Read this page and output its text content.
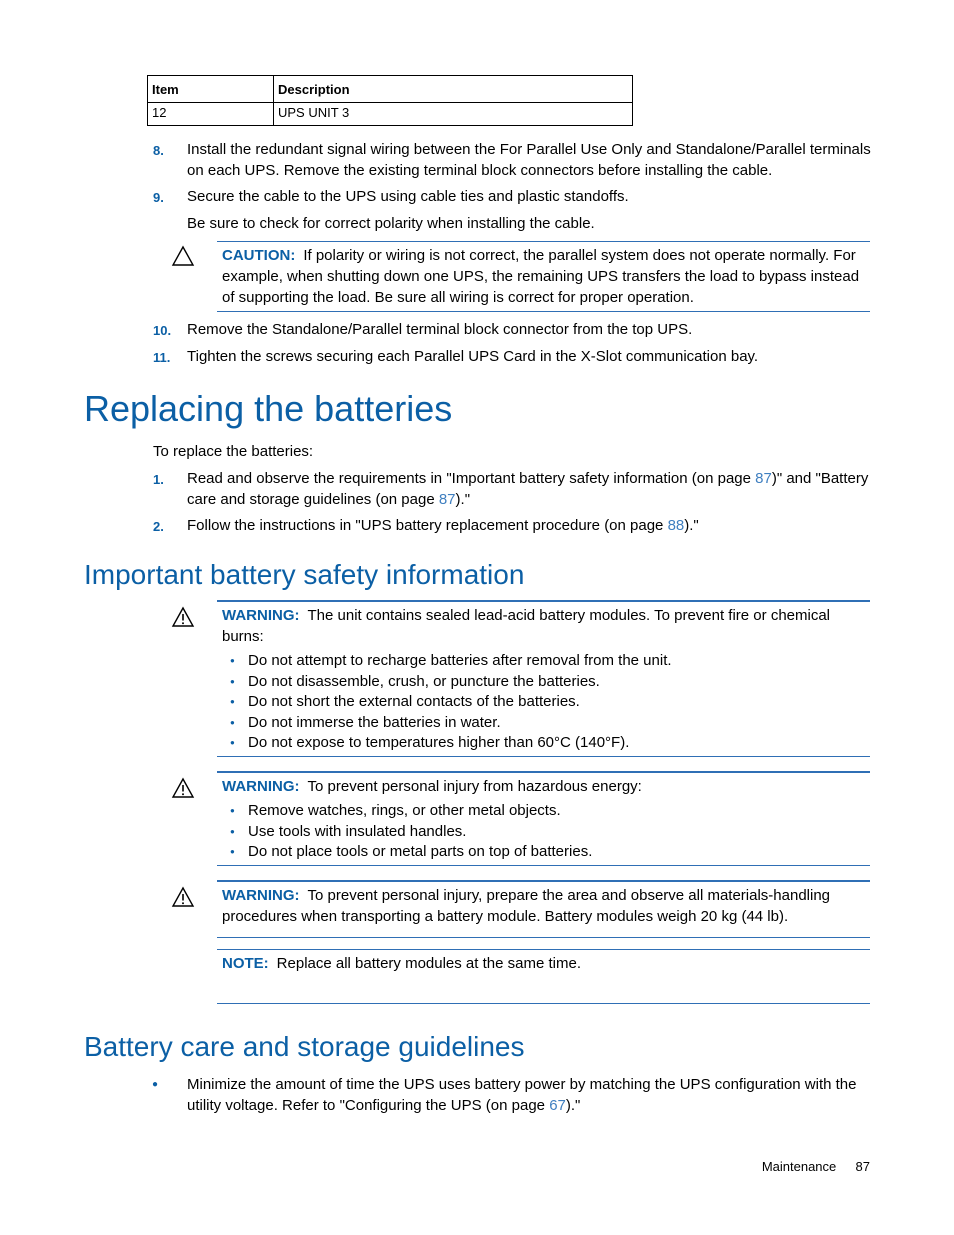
Item	Description
12	UPS UNIT 3
8. Install the redundant signal wiring between the For Parallel Use Only and Standalone/Parallel terminals on each UPS. Remove the existing terminal block connectors before installing the cable.
9. Secure the cable to the UPS using cable ties and plastic standoffs.
Be sure to check for correct polarity when installing the cable.
CAUTION: If polarity or wiring is not correct, the parallel system does not operate normally. For example, when shutting down one UPS, the remaining UPS transfers the load to bypass instead of supporting the load. Be sure all wiring is correct for proper operation.
10. Remove the Standalone/Parallel terminal block connector from the top UPS.
11. Tighten the screws securing each Parallel UPS Card in the X-Slot communication bay.
Replacing the batteries
To replace the batteries:
1. Read and observe the requirements in "Important battery safety information (on page 87)" and "Battery care and storage guidelines (on page 87)."
2. Follow the instructions in "UPS battery replacement procedure (on page 88)."
Important battery safety information
WARNING: The unit contains sealed lead-acid battery modules. To prevent fire or chemical burns:
● Do not attempt to recharge batteries after removal from the unit.
● Do not disassemble, crush, or puncture the batteries.
● Do not short the external contacts of the batteries.
● Do not immerse the batteries in water.
● Do not expose to temperatures higher than 60°C (140°F).
WARNING: To prevent personal injury from hazardous energy:
● Remove watches, rings, or other metal objects.
● Use tools with insulated handles.
● Do not place tools or metal parts on top of batteries.
WARNING: To prevent personal injury, prepare the area and observe all materials-handling procedures when transporting a battery module. Battery modules weigh 20 kg (44 lb).
NOTE: Replace all battery modules at the same time.
Battery care and storage guidelines
● Minimize the amount of time the UPS uses battery power by matching the UPS configuration with the utility voltage. Refer to "Configuring the UPS (on page 67)."
Maintenance 87
